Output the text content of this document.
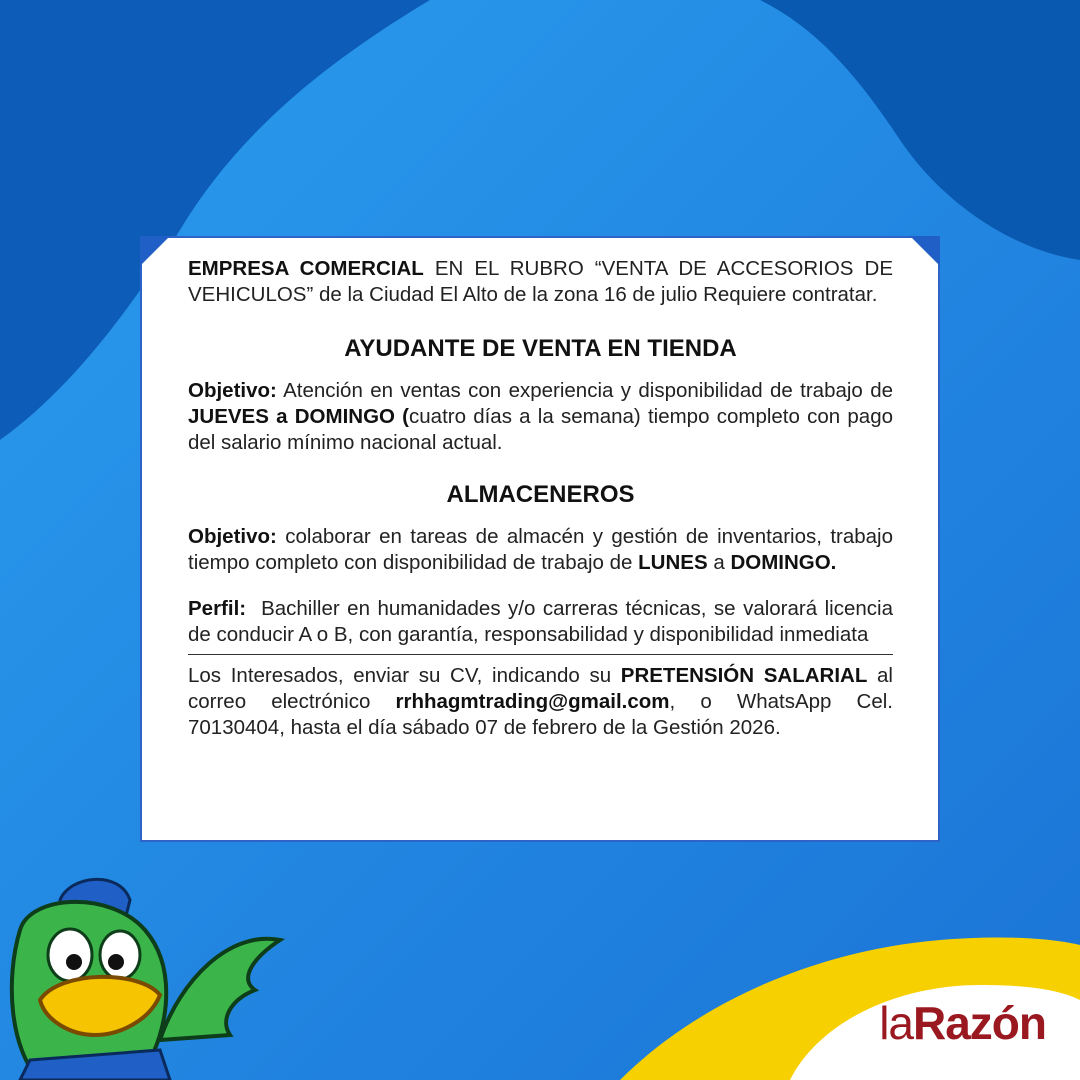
EMPRESA COMERCIAL EN EL RUBRO “VENTA DE ACCESORIOS DE VEHICULOS” de la Ciudad El Alto de la zona 16 de julio Requiere contratar.

AYUDANTE DE VENTA EN TIENDA

Objetivo: Atención en ventas con experiencia y disponibilidad de trabajo de JUEVES a DOMINGO (cuatro días a la semana) tiempo completo con pago del salario mínimo nacional actual.

ALMACENEROS

Objetivo: colaborar en tareas de almacén y gestión de inventarios, trabajo tiempo completo con disponibilidad de trabajo de LUNES a DOMINGO.

Perfil:  Bachiller en humanidades y/o carreras técnicas, se valorará licencia de conducir A o B, con garantía, responsabilidad y disponibilidad inmediata

Los Interesados, enviar su CV, indicando su PRETENSIÓN SALARIAL al correo electrónico rrhhagmtrading@gmail.com, o WhatsApp Cel. 70130404, hasta el día sábado 07 de febrero de la Gestión 2026.

laRazón
